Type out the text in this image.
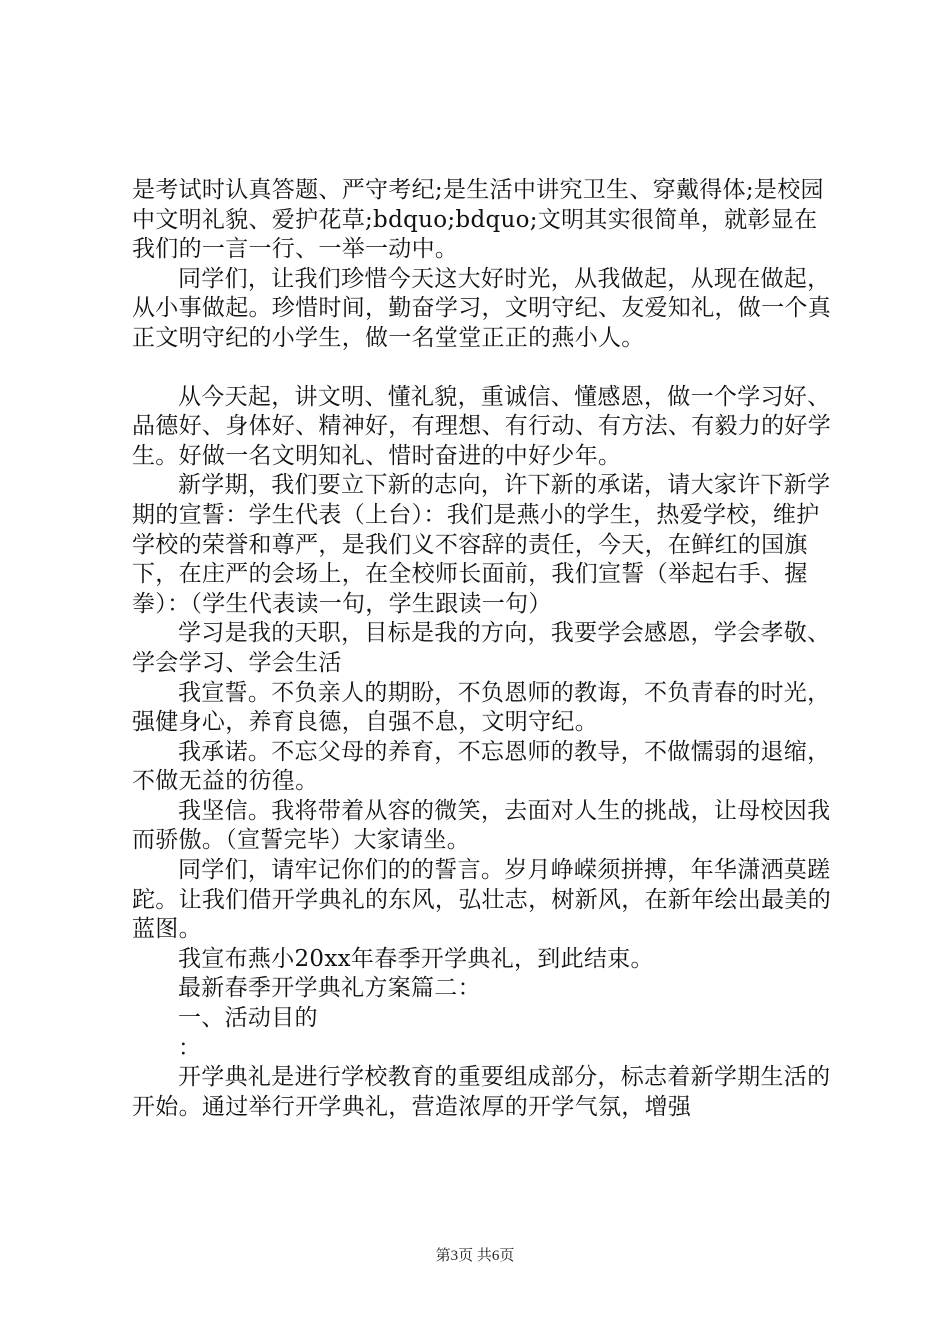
是考试时认真答题、严守考纪;是生活中讲究卫生、穿戴得体;是校园中文明礼貌、爱护花草;bdquo;bdquo;文明其实很简单，就彰显在我们的一言一行、一举一动中。

同学们，让我们珍惜今天这大好时光，从我做起，从现在做起，从小事做起。珍惜时间，勤奋学习，文明守纪、友爱知礼，做一个真正文明守纪的小学生，做一名堂堂正正的燕小人。

从今天起，讲文明、懂礼貌，重诚信、懂感恩，做一个学习好、品德好、身体好、精神好，有理想、有行动、有方法、有毅力的好学生。好做一名文明知礼、惜时奋进的中好少年。

新学期，我们要立下新的志向，许下新的承诺，请大家许下新学期的宣誓：学生代表（上台）：我们是燕小的学生，热爱学校，维护学校的荣誉和尊严，是我们义不容辞的责任，今天，在鲜红的国旗下，在庄严的会场上，在全校师长面前，我们宣誓（举起右手、握拳）：（学生代表读一句，学生跟读一句）

学习是我的天职，目标是我的方向，我要学会感恩，学会孝敬、学会学习、学会生活

我宣誓。不负亲人的期盼，不负恩师的教诲，不负青春的时光，强健身心，养育良德，自强不息，文明守纪。

我承诺。不忘父母的养育，不忘恩师的教导，不做懦弱的退缩，不做无益的彷徨。

我坚信。我将带着从容的微笑，去面对人生的挑战，让母校因我而骄傲。（宣誓完毕）大家请坐。

同学们，请牢记你们的的誓言。岁月峥嵘须拼搏，年华潇洒莫蹉跎。让我们借开学典礼的东风，弘壮志，树新风，在新年绘出最美的蓝图。

我宣布燕小20xx年春季开学典礼，到此结束。

最新春季开学典礼方案篇二：

一、活动目的

：

开学典礼是进行学校教育的重要组成部分，标志着新学期生活的开始。通过举行开学典礼，营造浓厚的开学气氛，增强

第3页 共6页
